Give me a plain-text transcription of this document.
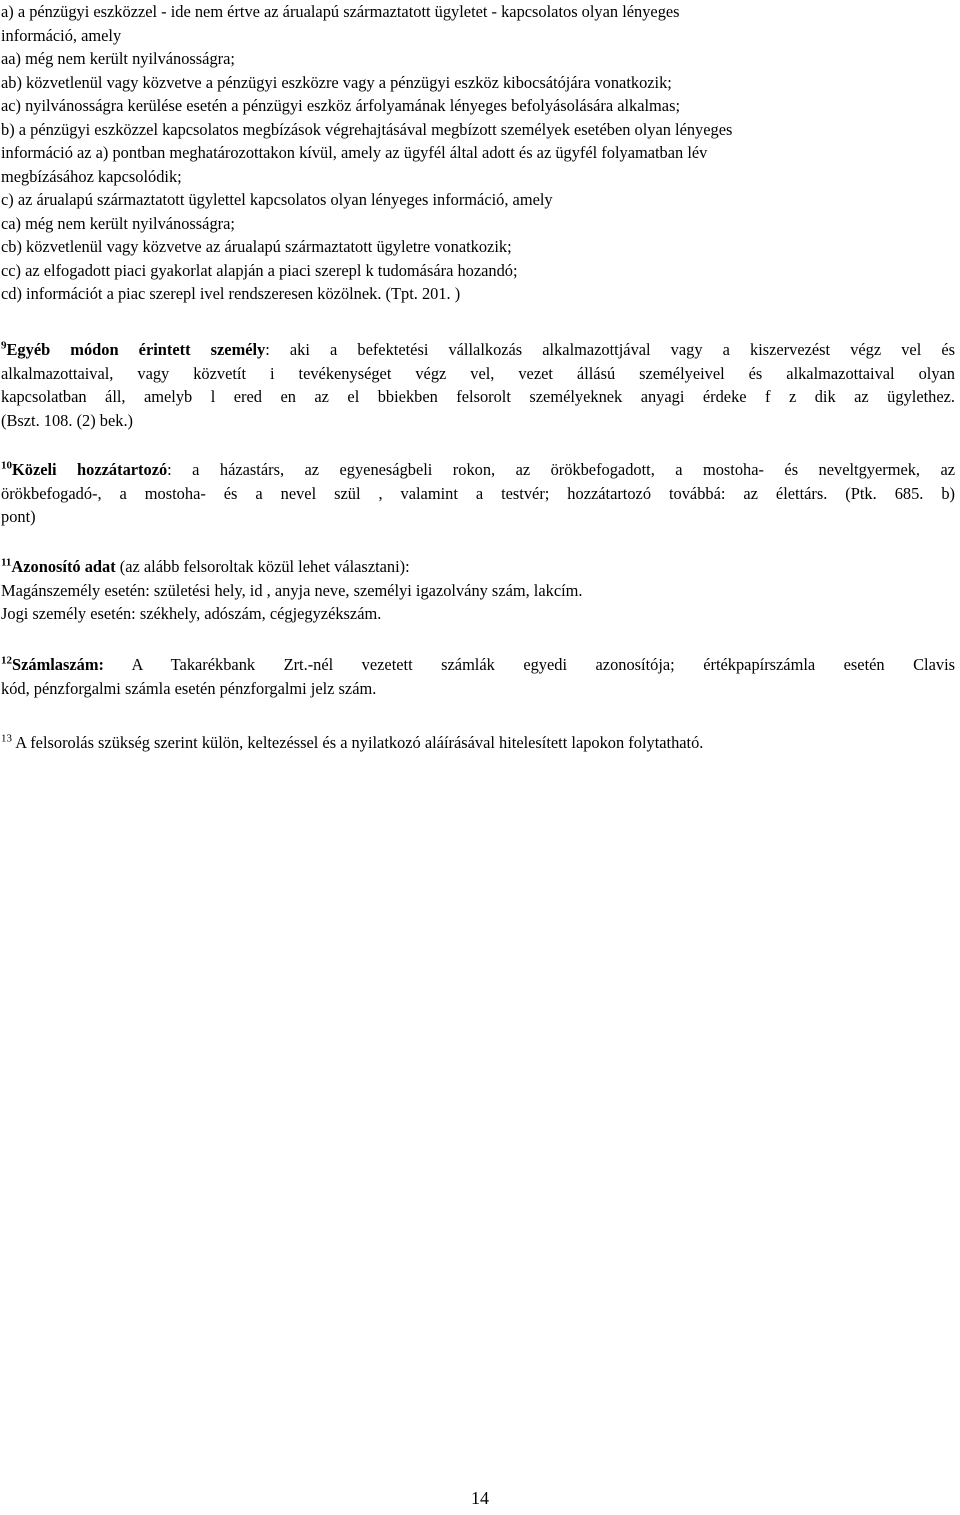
a) a pénzügyi eszközzel - ide nem értve az árualapú származtatott ügyletet - kapcsolatos olyan lényeges
információ, amely
aa) még nem került nyilvánosságra;
ab) közvetlenül vagy közvetve a pénzügyi eszközre vagy a pénzügyi eszköz kibocsátójára vonatkozik;
ac) nyilvánosságra kerülése esetén a pénzügyi eszköz árfolyamának lényeges befolyásolására alkalmas;
b) a pénzügyi eszközzel kapcsolatos megbízások végrehajtásával megbízott személyek esetében olyan lényeges
információ az a) pontban meghatározottakon kívül, amely az ügyfél által adott és az ügyfél folyamatban lév
megbízásához kapcsolódik;
c) az árualapú származtatott ügylettel kapcsolatos olyan lényeges információ, amely
ca) még nem került nyilvánosságra;
cb) közvetlenül vagy közvetve az árualapú származtatott ügyletre vonatkozik;
cc) az elfogadott piaci gyakorlat alapján a piaci szerepl k tudomására hozandó;
cd) információt a piac szerepl ivel rendszeresen közölnek. (Tpt. 201. )
$^9$Egyéb módon érintett személy: aki a befektetési vállalkozás alkalmazottjával vagy a kiszervezést végz vel és
alkalmazottaival, vagy közvetít i tevékenységet végz vel, vezet állású személyeivel és alkalmazottaival olyan
kapcsolatban áll, amelyb l ered en az el bbiekben felsorolt személyeknek anyagi érdeke f z dik az ügylethez.
(Bszt. 108. (2) bek.)
$^{10}$Közeli hozzátartozó: a házastárs, az egyeneságbeli rokon, az örökbefogadott, a mostoha- és neveltgyermek, az
örökbefogadó-, a mostoha- és a nevel szül , valamint a testvér; hozzátartozó továbbá: az élettárs. (Ptk. 685. b)
pont)
$^{11}$Azonosító adat (az alább felsoroltak közül lehet választani):
Magánszemély esetén: születési hely, id , anyja neve, személyi igazolvány szám, lakcím.
Jogi személy esetén: székhely, adószám, cégjegyzékszám.
$^{12}$Számlaszám: A Takarékbank Zrt.-nél vezetett számlák egyedi azonosítója; értékpapírszámla esetén Clavis
kód, pénzforgalmi számla esetén pénzforgalmi jelz szám.
$^{13}$ A felsorolás szükség szerint külön, keltezéssel és a nyilatkozó aláírásával hitelesített lapokon folytatható.
14
